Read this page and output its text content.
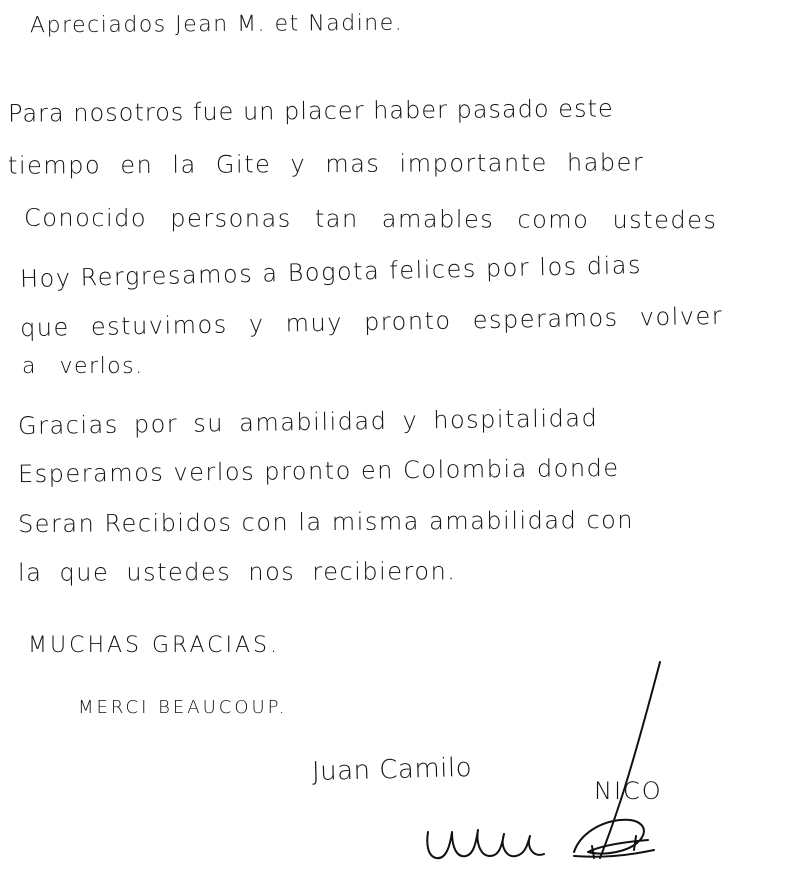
Apreciados Jean M. et Nadine.
Para nosotros fue un placer haber pasado este
tiempo en la Gite y mas importante haber
Conocido personas tan amables como ustedes
Hoy Rergresamos a Bogota felices por los dias
que estuvimos y muy pronto esperamos volver
a verlos.
Gracias por su amabilidad y hospitalidad
Esperamos verlos pronto en Colombia donde
Seran Recibidos con la misma amabilidad con
la que ustedes nos recibieron.
MUCHAS GRACIAS.
MERCI BEAUCOUP.
Juan Camilo
NICO
